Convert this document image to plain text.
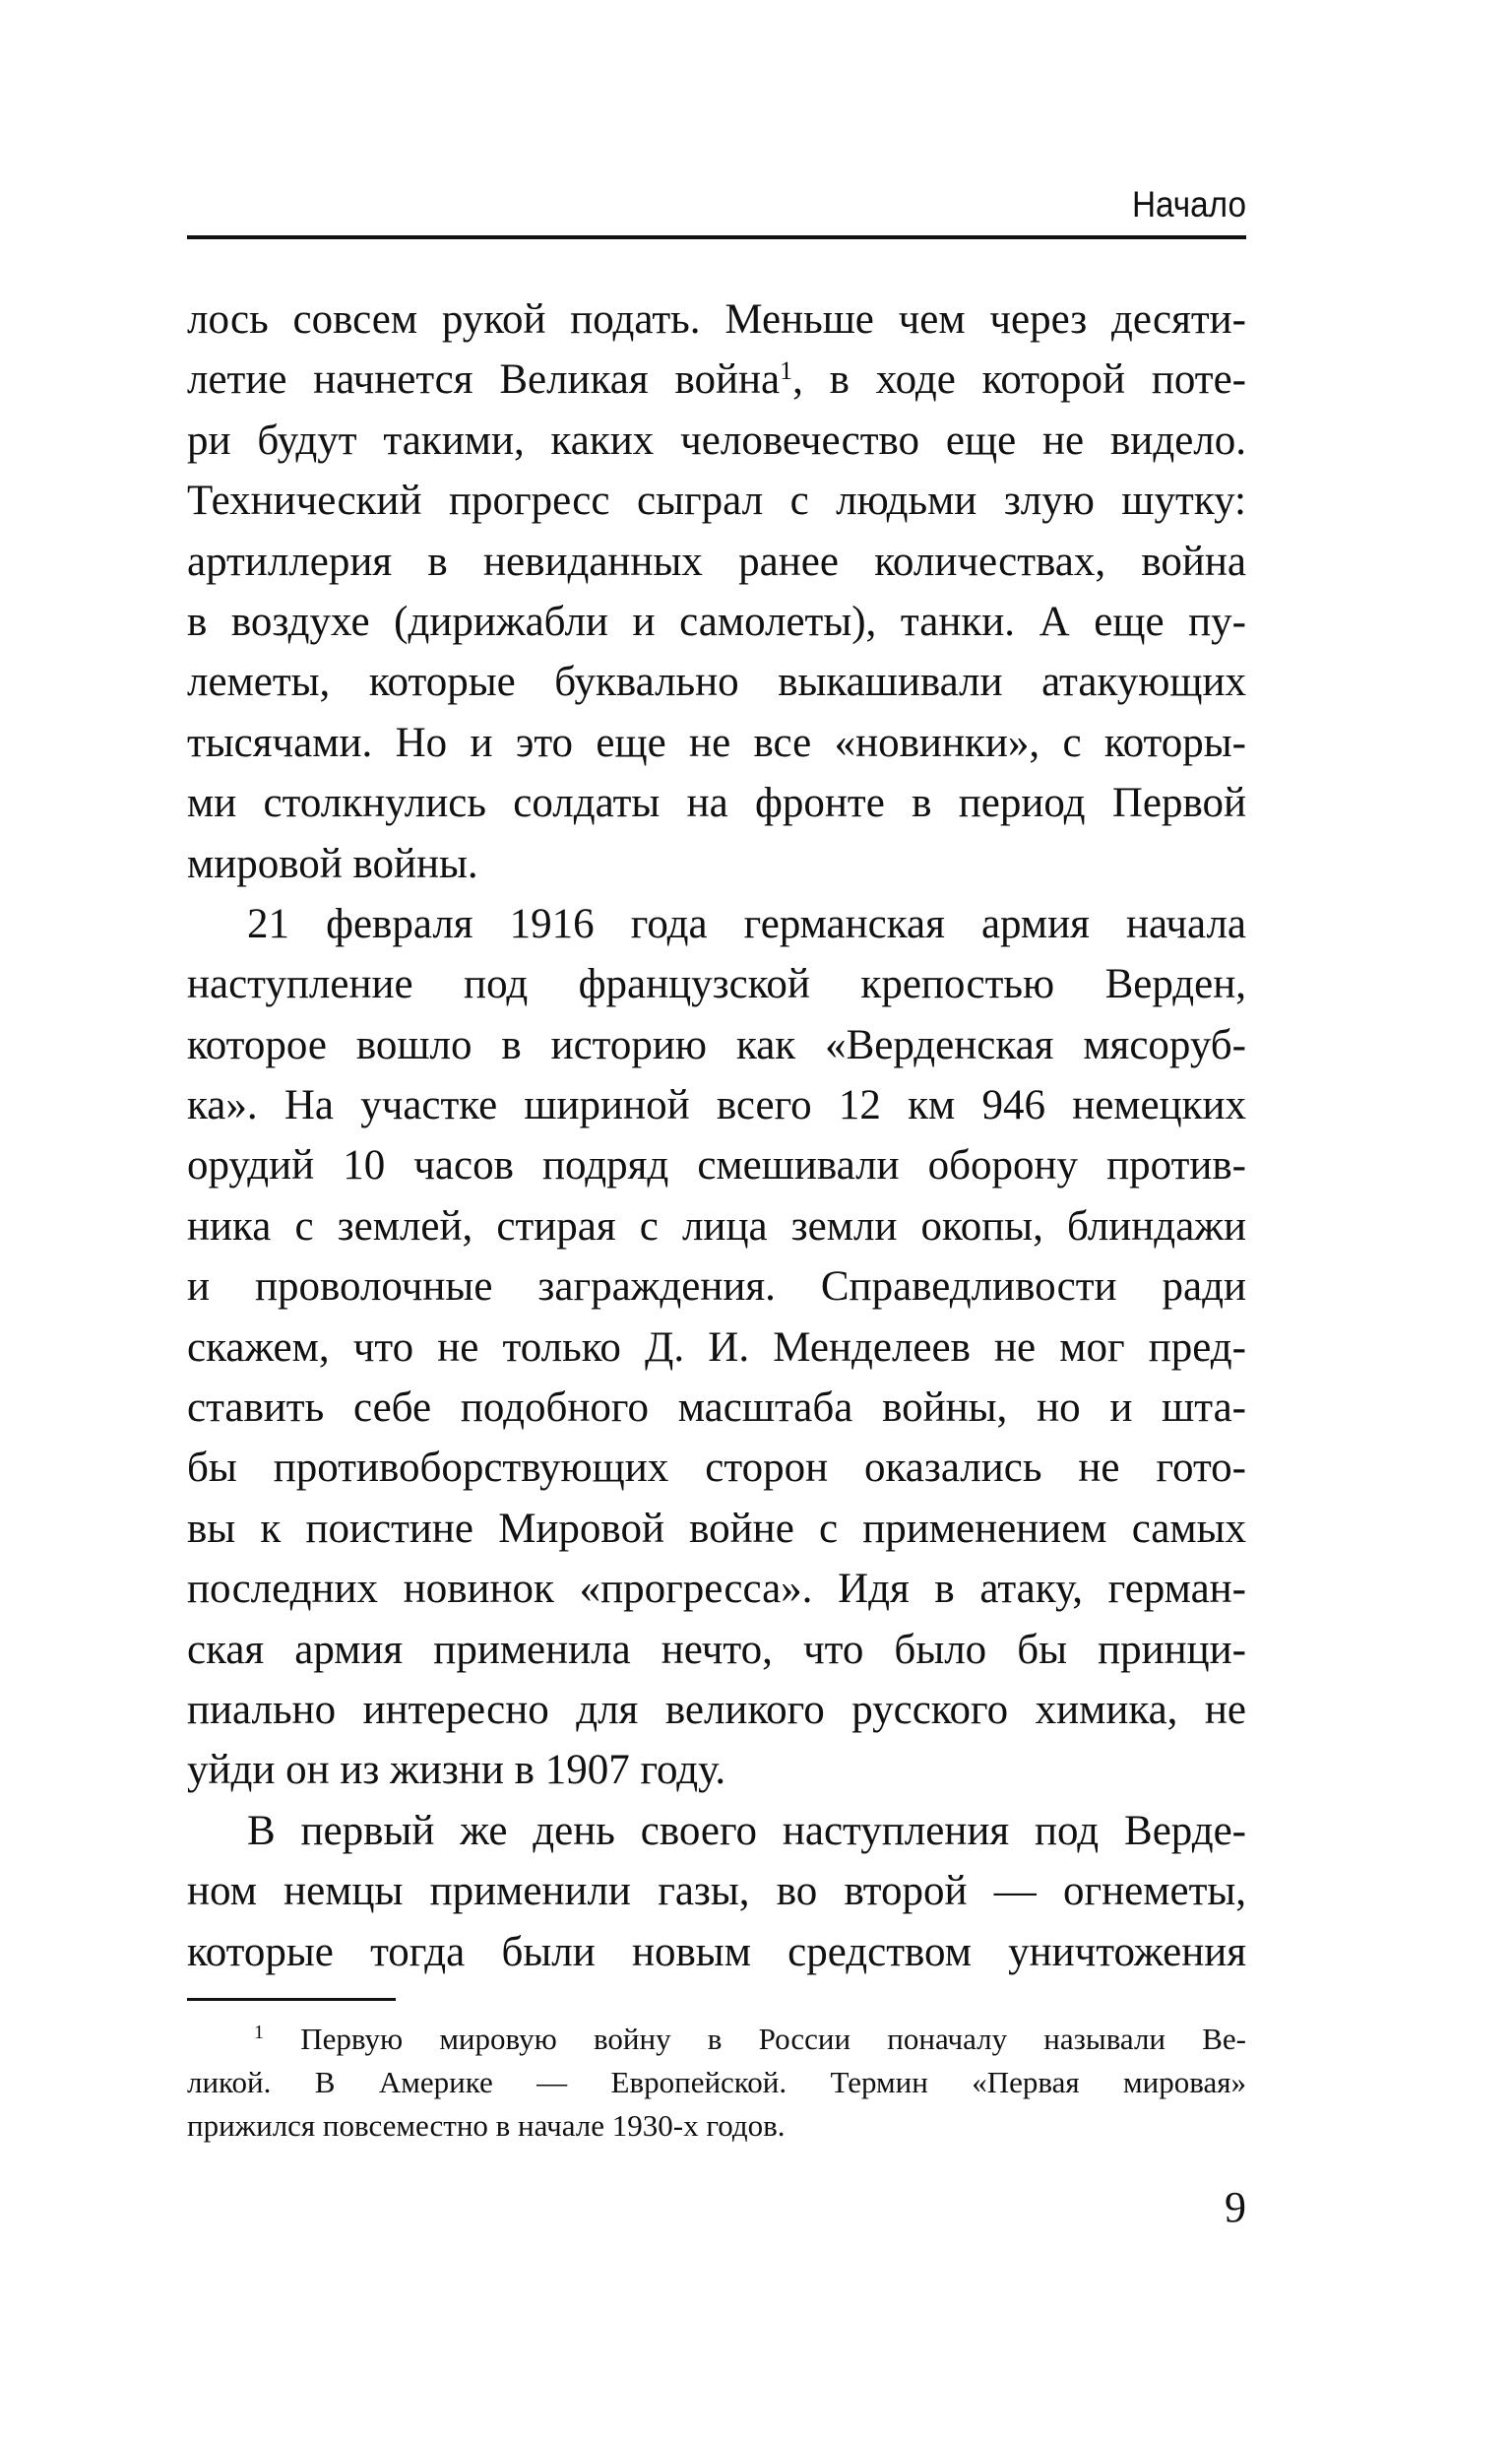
Начало
лось совсем рукой подать. Меньше чем через десяти-
летие начнется Великая война$^1$, в ходе которой поте-
ри будут такими, каких человечество еще не видело.
Технический прогресс сыграл с людьми злую шутку:
артиллерия в невиданных ранее количествах, война
в воздухе (дирижабли и самолеты), танки. А еще пу-
леметы, которые буквально выкашивали атакующих
тысячами. Но и это еще не все «новинки», с которы-
ми столкнулись солдаты на фронте в период Первой
мировой войны.
21 февраля 1916 года германская армия начала
наступление под французской крепостью Верден,
которое вошло в историю как «Верденская мясоруб-
ка». На участке шириной всего 12 км 946 немецких
орудий 10 часов подряд смешивали оборону против-
ника с землей, стирая с лица земли окопы, блиндажи
и проволочные заграждения. Справедливости ради
скажем, что не только Д. И. Менделеев не мог пред-
ставить себе подобного масштаба войны, но и шта-
бы противоборствующих сторон оказались не гото-
вы к поистине Мировой войне с применением самых
последних новинок «прогресса». Идя в атаку, герман-
ская армия применила нечто, что было бы принци-
пиально интересно для великого русского химика, не
уйди он из жизни в 1907 году.
В первый же день своего наступления под Верде-
ном немцы применили газы, во второй — огнеметы,
которые тогда были новым средством уничтожения
$^1$ Первую мировую войну в России поначалу называли Ве-
ликой. В Америке — Европейской. Термин «Первая мировая»
прижился повсеместно в начале 1930-х годов.
9
